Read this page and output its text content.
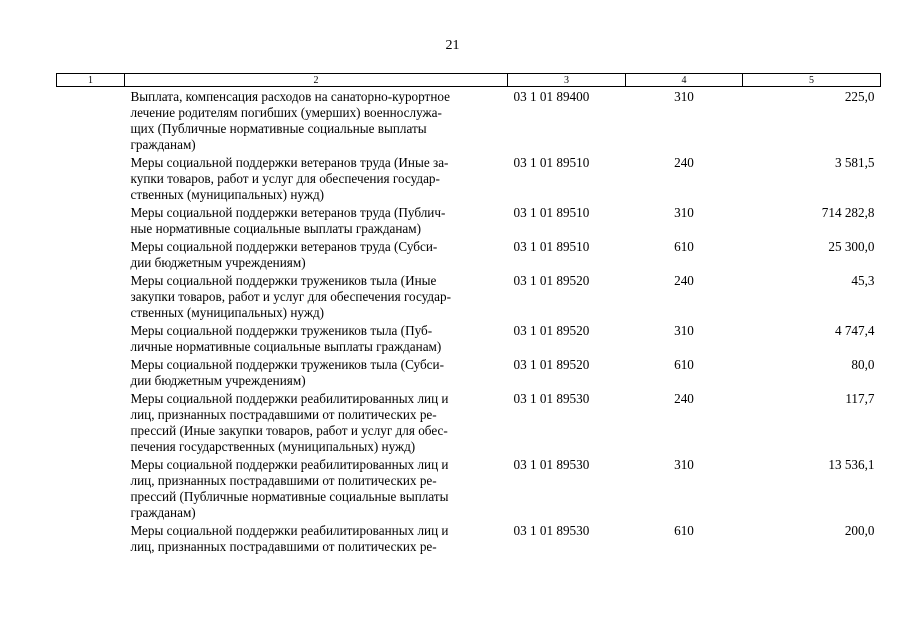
21
1	2	3	4	5

	Выплата, компенсация расходов на санаторно-курортное
лечение родителям погибших (умерших) военнослужа-
щих (Публичные нормативные социальные выплаты
гражданам)	03 1 01 89400	310	225,0

	Меры социальной поддержки ветеранов труда (Иные за-
купки товаров, работ и услуг для обеспечения государ-
ственных (муниципальных) нужд)	03 1 01 89510	240	3 581,5

	Меры социальной поддержки ветеранов труда (Публич-
ные нормативные социальные выплаты гражданам)	03 1 01 89510	310	714 282,8

	Меры социальной поддержки ветеранов труда (Субси-
дии бюджетным учреждениям)	03 1 01 89510	610	25 300,0

	Меры социальной поддержки тружеников тыла (Иные
закупки товаров, работ и услуг для обеспечения государ-
ственных (муниципальных) нужд)	03 1 01 89520	240	45,3

	Меры социальной поддержки тружеников тыла (Пуб-
личные нормативные социальные выплаты гражданам)	03 1 01 89520	310	4 747,4

	Меры социальной поддержки тружеников тыла (Субси-
дии бюджетным учреждениям)	03 1 01 89520	610	80,0

	Меры социальной поддержки реабилитированных лиц и
лиц, признанных пострадавшими от политических ре-
прессий (Иные закупки товаров, работ и услуг для обес-
печения государственных (муниципальных) нужд)	03 1 01 89530	240	117,7

	Меры социальной поддержки реабилитированных лиц и
лиц, признанных пострадавшими от политических ре-
прессий (Публичные нормативные социальные выплаты
гражданам)	03 1 01 89530	310	13 536,1

	Меры социальной поддержки реабилитированных лиц и
лиц, признанных пострадавшими от политических ре-	03 1 01 89530	610	200,0
